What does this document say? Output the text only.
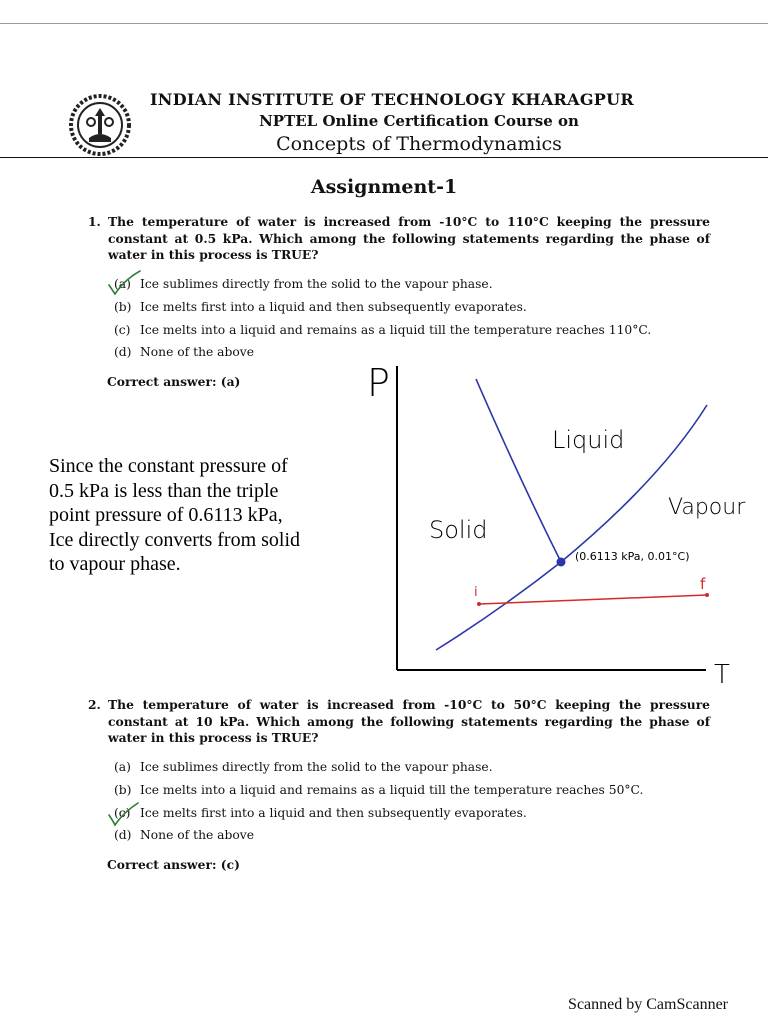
INDIAN INSTITUTE OF TECHNOLOGY KHARAGPUR
NPTEL Online Certification Course on
Concepts of Thermodynamics
Assignment-1
1. The temperature of water is increased from -10°C to 110°C keeping the pressure constant at 0.5 kPa. Which among the following statements regarding the phase of water in this process is TRUE?
(a) Ice sublimes directly from the solid to the vapour phase.
(b) Ice melts first into a liquid and then subsequently evaporates.
(c) Ice melts into a liquid and remains as a liquid till the temperature reaches 110°C.
(d) None of the above
Correct answer: (a)
Since the constant pressure of
0.5 kPa is less than the triple
point pressure of 0.6113 kPa,
Ice directly converts from solid
to vapour phase.
P
T
Liquid
Solid
Vapour
(0.6113 kPa, 0.01°C)
i	f
2. The temperature of water is increased from -10°C to 50°C keeping the pressure constant at 10 kPa. Which among the following statements regarding the phase of water in this process is TRUE?
(a) Ice sublimes directly from the solid to the vapour phase.
(b) Ice melts into a liquid and remains as a liquid till the temperature reaches 50°C.
(c) Ice melts first into a liquid and then subsequently evaporates.
(d) None of the above
Correct answer: (c)
Scanned by CamScanner
